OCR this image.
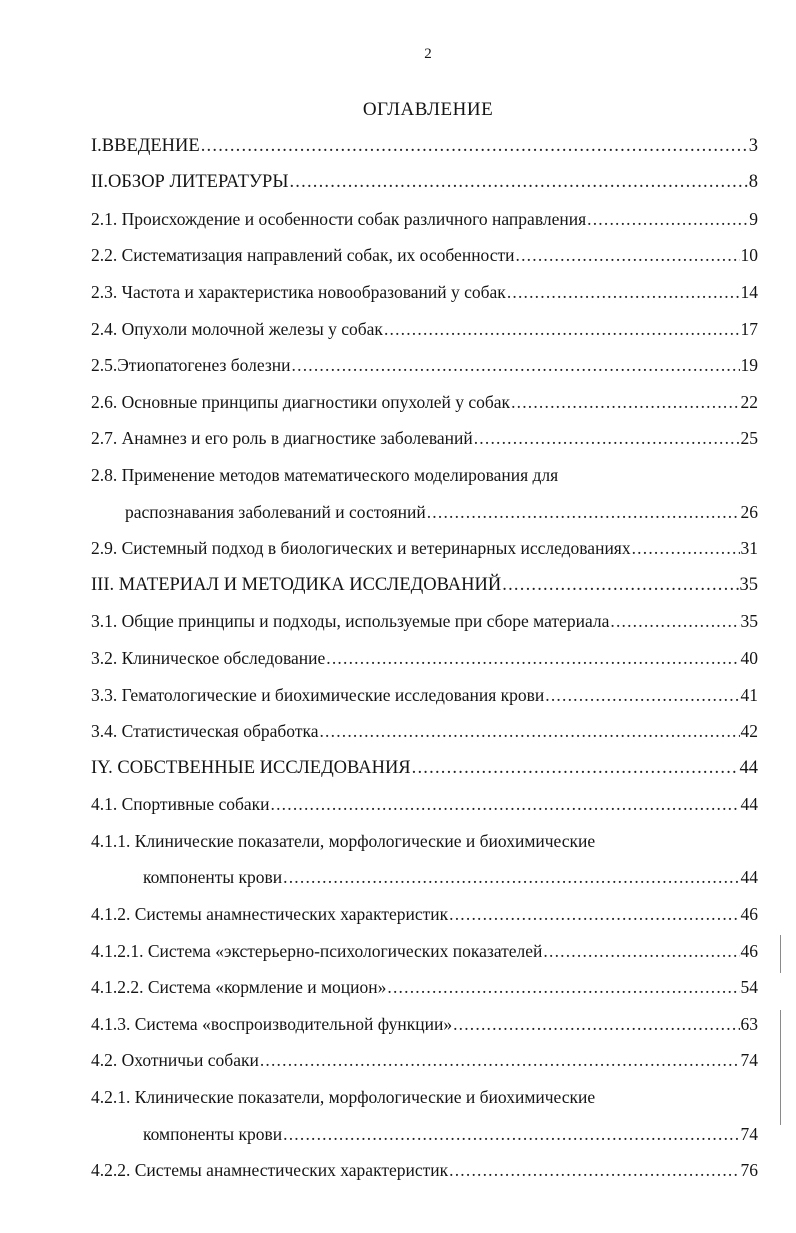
2
ОГЛАВЛЕНИЕ
I.ВВЕДЕНИЕ .....	3
II.ОБЗОР ЛИТЕРАТУРЫ .....	8
2.1. Происхождение и особенности собак различного направления .....	9
2.2. Систематизация направлений собак, их особенности .....	10
2.3. Частота и характеристика новообразований у собак .....	14
2.4. Опухоли молочной железы у собак .....	17
2.5.Этиопатогенез болезни .....	19
2.6. Основные принципы диагностики опухолей у собак .....	22
2.7. Анамнез и его роль в диагностике заболеваний .....	25
2.8. Применение методов математического моделирования для
распознавания заболеваний и состояний .....	26
2.9. Системный подход в биологических и ветеринарных исследованиях .....	31
III. МАТЕРИАЛ И МЕТОДИКА ИССЛЕДОВАНИЙ .....	35
3.1. Общие принципы и подходы, используемые при сборе материала .....	35
3.2. Клиническое обследование .....	40
3.3. Гематологические и биохимические исследования крови .....	41
3.4. Статистическая обработка .....	42
IY. СОБСТВЕННЫЕ ИССЛЕДОВАНИЯ .....	44
4.1. Спортивные собаки .....	44
4.1.1. Клинические показатели, морфологические и биохимические
компоненты крови .....	44
4.1.2. Системы анамнестических характеристик .....	46
4.1.2.1. Система «экстерьерно-психологических показателей .....	46
4.1.2.2. Система «кормление и моцион» .....	54
4.1.3. Система «воспроизводительной функции» .....	63
4.2. Охотничьи собаки .....	74
4.2.1. Клинические показатели, морфологические и биохимические
компоненты крови .....	74
4.2.2. Системы анамнестических характеристик .....	76
